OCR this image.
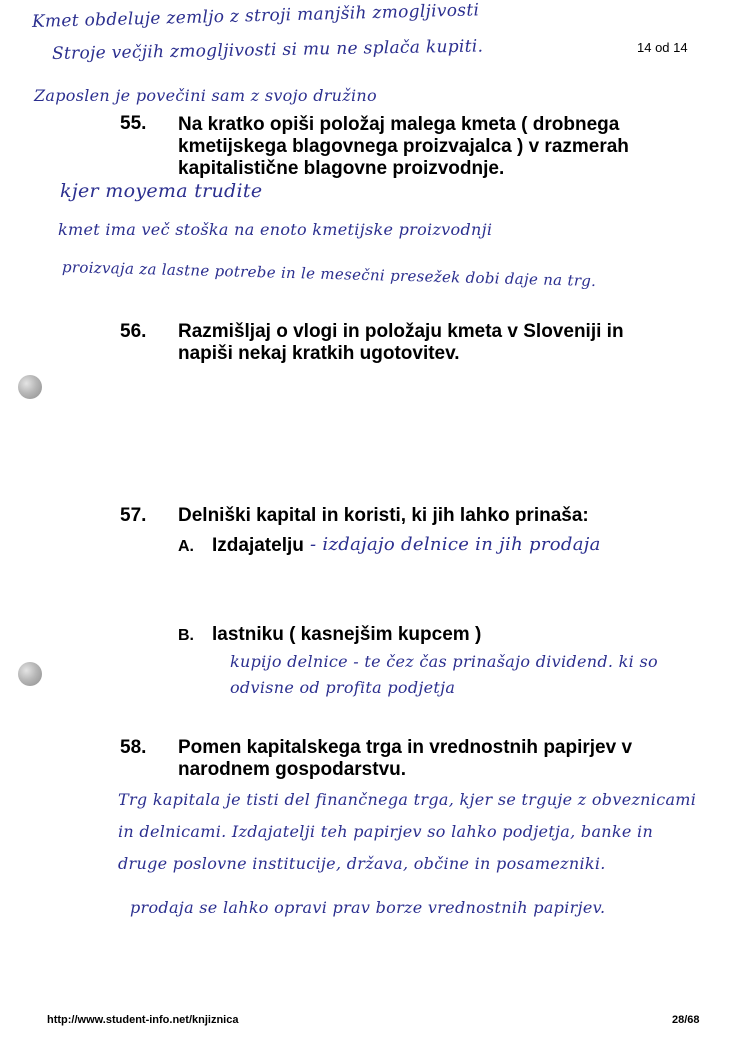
Kmet obdeluje zemljo z stroji manjših zmogljivosti
Stroje večjih zmogljivosti si mu ne splača kupiti.
Zaposlen je povečini sam z svojo družino
14 od 14
55. Na kratko opiši položaj malega kmeta ( drobnega
kmetijskega blagovnega proizvajalca ) v razmerah
kapitalistične blagovne proizvodnje.
kjer moyema trudite
kmet ima več stoška na enoto kmetijske proizvodnji
proizvaja za lastne potrebe in le mesečni presežek dobi daje na trg.
56. Razmišljaj o vlogi in položaju kmeta v Sloveniji in
napiši nekaj kratkih ugotovitev.
57. Delniški kapital in koristi, ki jih lahko prinaša:
A. Izdajatelju - izdajajo delnice in jih prodaja
B. lastniku ( kasnejšim kupcem )
kupijo delnice - te čez čas prinašajo dividend. ki so
odvisne od profita podjetja
58. Pomen kapitalskega trga in vrednostnih papirjev v
narodnem gospodarstvu.
Trg kapitala je tisti del finančnega trga, kjer se trguje z obveznicami
in delnicami. Izdajatelji teh papirjev so lahko podjetja, banke in
druge poslovne institucije, država, občine in posamezniki.
prodaja se lahko opravi prav borze vrednostnih papirjev.
http://www.student-info.net/knjiznica	28/68
